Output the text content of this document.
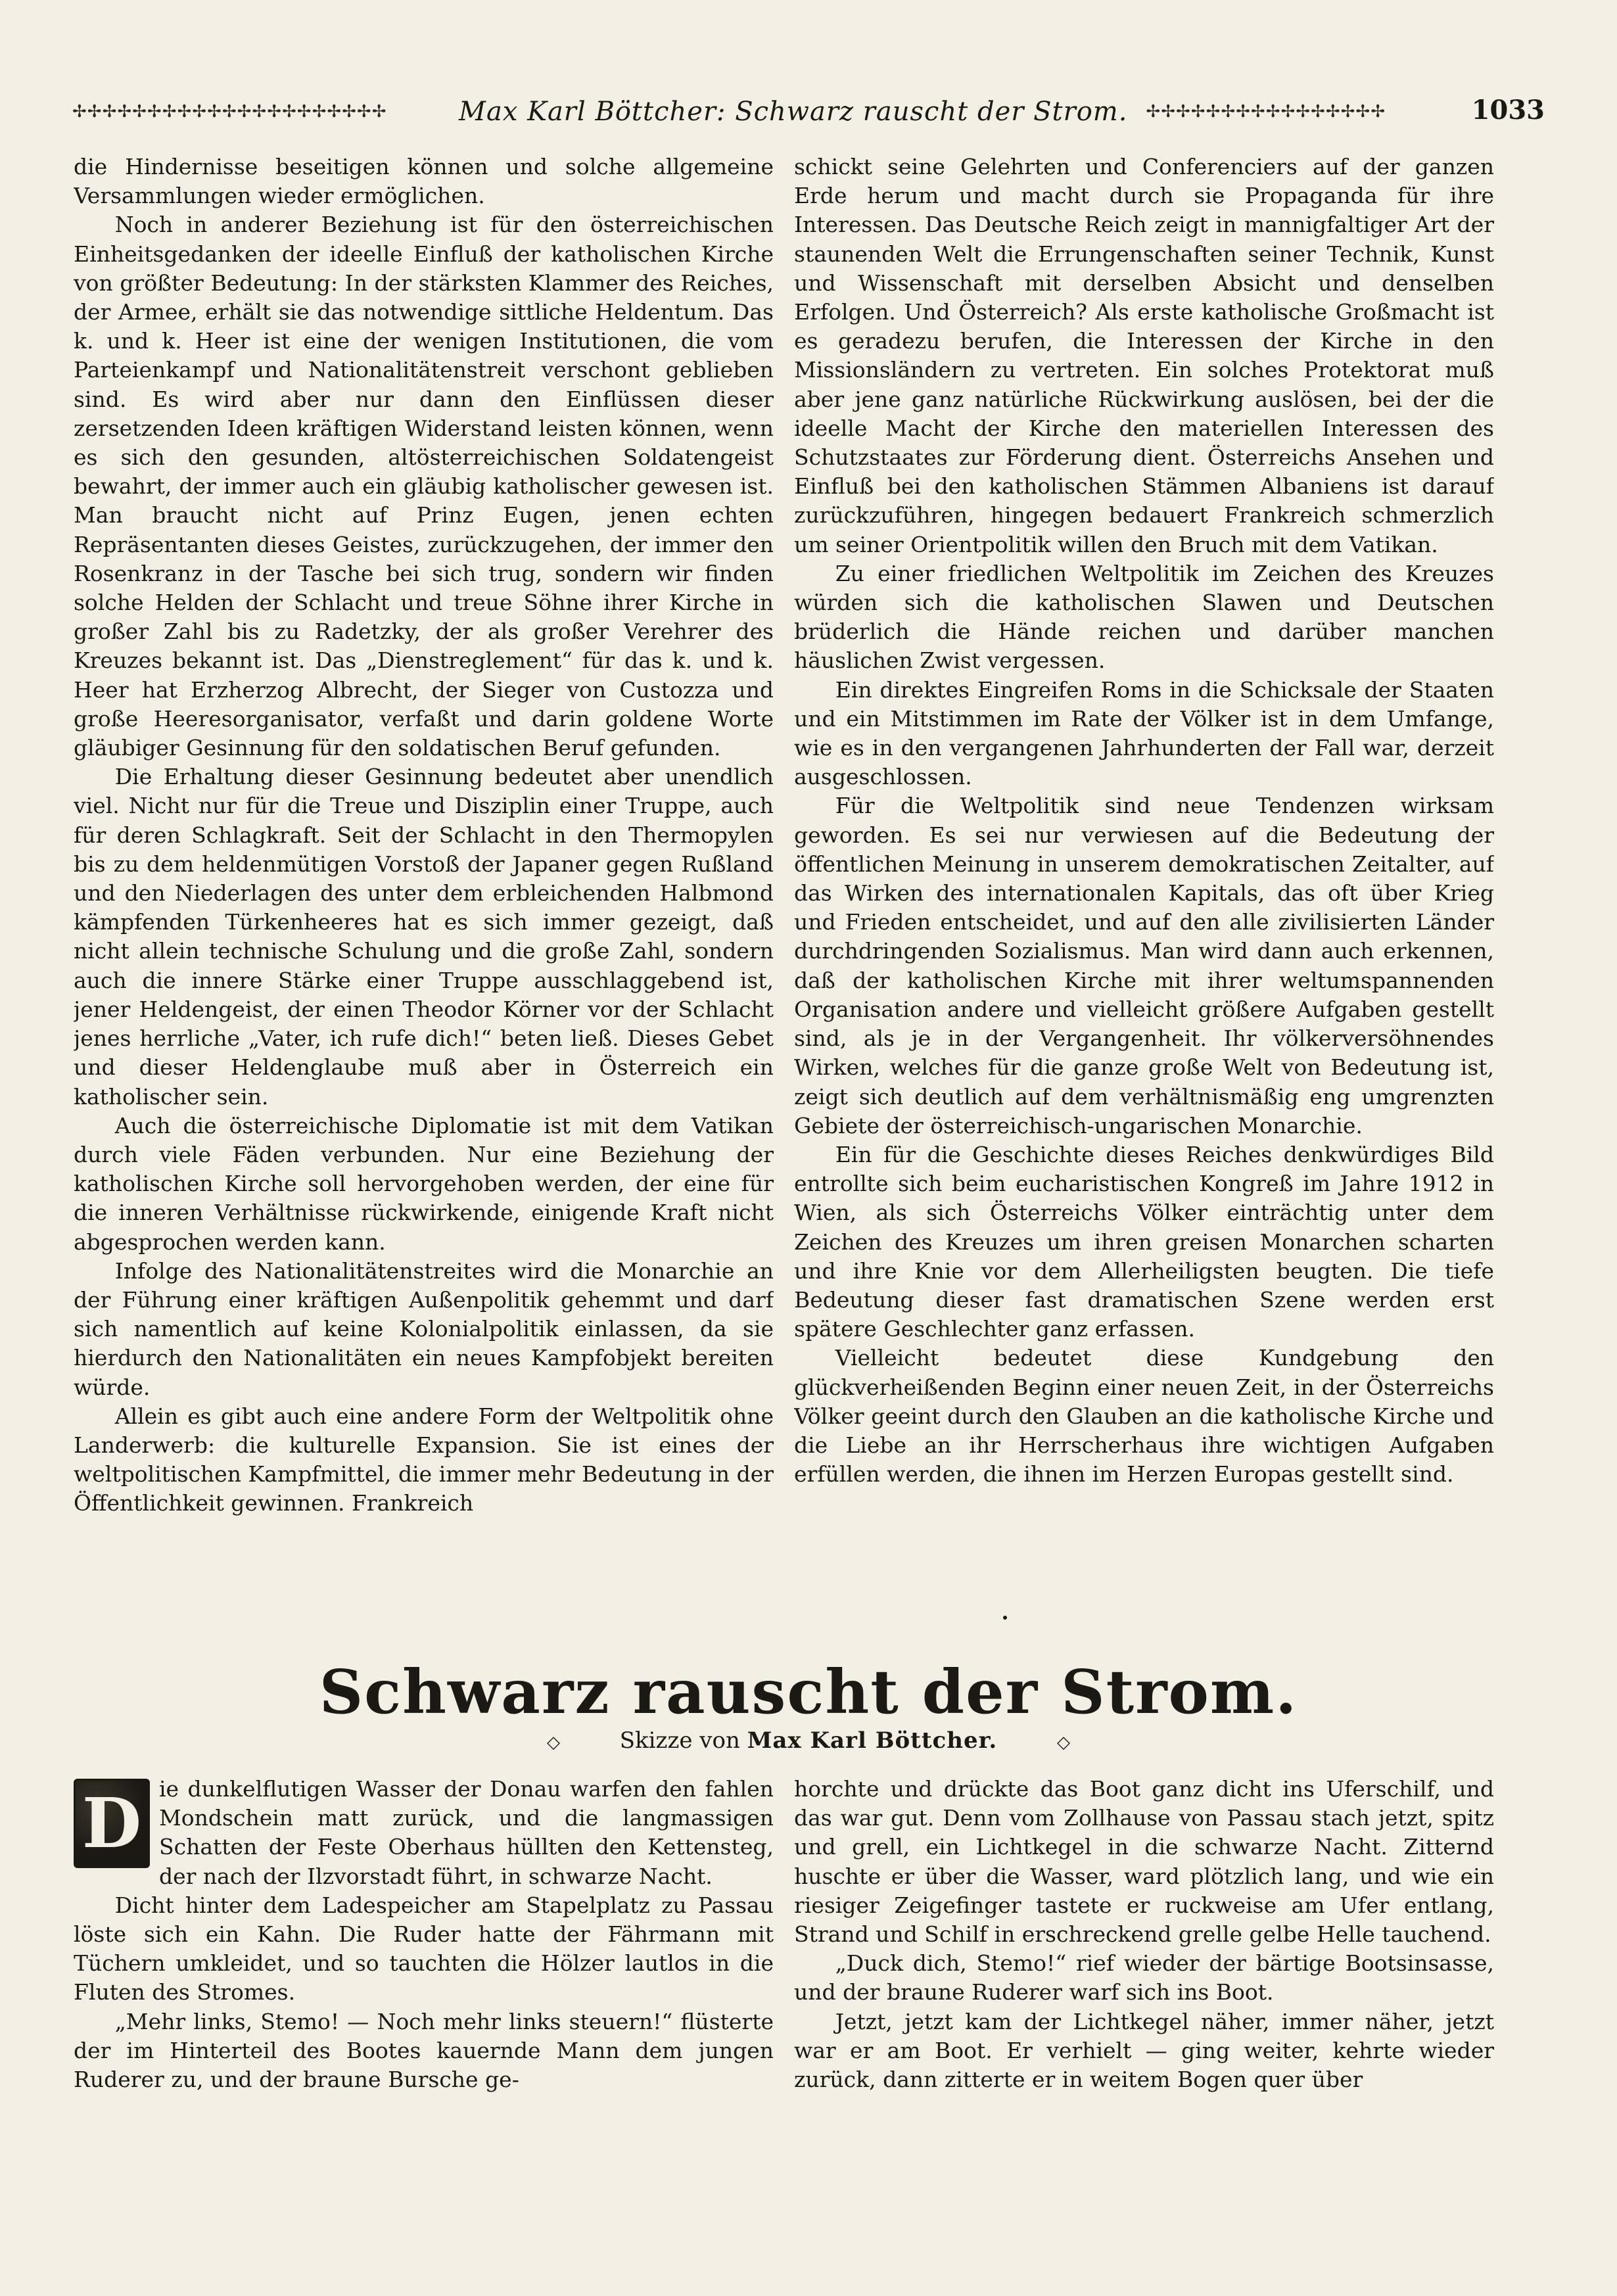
✢✢✢✢✢✢✢✢✢✢✢✢✢✢✢✢✢✢✢✢✢	Max Karl Böttcher: Schwarz rauscht der Strom. ✢✢✢✢✢✢✢✢✢✢✢✢✢✢✢✢	1033

die Hindernisse beseitigen können und solche allgemeine Versammlungen wieder ermöglichen.

Noch in anderer Beziehung ist für den österreichischen Einheitsgedanken der ideelle Einfluß der katholischen Kirche von größter Bedeutung: In der stärksten Klammer des Reiches, der Armee, erhält sie das notwendige sittliche Heldentum. Das k. und k. Heer ist eine der wenigen Institutionen, die vom Parteienkampf und Nationalitätenstreit verschont geblieben sind. Es wird aber nur dann den Einflüssen dieser zersetzenden Ideen kräftigen Widerstand leisten können, wenn es sich den gesunden, altösterreichischen Soldatengeist bewahrt, der immer auch ein gläubig katholischer gewesen ist. Man braucht nicht auf Prinz Eugen, jenen echten Repräsentanten dieses Geistes, zurückzugehen, der immer den Rosenkranz in der Tasche bei sich trug, sondern wir finden solche Helden der Schlacht und treue Söhne ihrer Kirche in großer Zahl bis zu Radetzky, der als großer Verehrer des Kreuzes bekannt ist. Das „Dienstreglement“ für das k. und k. Heer hat Erzherzog Albrecht, der Sieger von Custozza und große Heeresorganisator, verfaßt und darin goldene Worte gläubiger Gesinnung für den soldatischen Beruf gefunden.

Die Erhaltung dieser Gesinnung bedeutet aber unendlich viel. Nicht nur für die Treue und Disziplin einer Truppe, auch für deren Schlagkraft. Seit der Schlacht in den Thermopylen bis zu dem heldenmütigen Vorstoß der Japaner gegen Rußland und den Niederlagen des unter dem erbleichenden Halbmond kämpfenden Türkenheeres hat es sich immer gezeigt, daß nicht allein technische Schulung und die große Zahl, sondern auch die innere Stärke einer Truppe ausschlaggebend ist, jener Heldengeist, der einen Theodor Körner vor der Schlacht jenes herrliche „Vater, ich rufe dich!“ beten ließ. Dieses Gebet und dieser Heldenglaube muß aber in Österreich ein katholischer sein.

Auch die österreichische Diplomatie ist mit dem Vatikan durch viele Fäden verbunden. Nur eine Beziehung der katholischen Kirche soll hervorgehoben werden, der eine für die inneren Verhältnisse rückwirkende, einigende Kraft nicht abgesprochen werden kann.

Infolge des Nationalitätenstreites wird die Monarchie an der Führung einer kräftigen Außenpolitik gehemmt und darf sich namentlich auf keine Kolonialpolitik einlassen, da sie hierdurch den Nationalitäten ein neues Kampfobjekt bereiten würde.

Allein es gibt auch eine andere Form der Weltpolitik ohne Landerwerb: die kulturelle Expansion. Sie ist eines der weltpolitischen Kampfmittel, die immer mehr Bedeutung in der Öffentlichkeit gewinnen. Frankreich

schickt seine Gelehrten und Conferenciers auf der ganzen Erde herum und macht durch sie Propaganda für ihre Interessen. Das Deutsche Reich zeigt in mannigfaltiger Art der staunenden Welt die Errungenschaften seiner Technik, Kunst und Wissenschaft mit derselben Absicht und denselben Erfolgen. Und Österreich? Als erste katholische Großmacht ist es geradezu berufen, die Interessen der Kirche in den Missionsländern zu vertreten. Ein solches Protektorat muß aber jene ganz natürliche Rückwirkung auslösen, bei der die ideelle Macht der Kirche den materiellen Interessen des Schutzstaates zur Förderung dient. Österreichs Ansehen und Einfluß bei den katholischen Stämmen Albaniens ist darauf zurückzuführen, hingegen bedauert Frankreich schmerzlich um seiner Orientpolitik willen den Bruch mit dem Vatikan.

Zu einer friedlichen Weltpolitik im Zeichen des Kreuzes würden sich die katholischen Slawen und Deutschen brüderlich die Hände reichen und darüber manchen häuslichen Zwist vergessen.

Ein direktes Eingreifen Roms in die Schicksale der Staaten und ein Mitstimmen im Rate der Völker ist in dem Umfange, wie es in den vergangenen Jahrhunderten der Fall war, derzeit ausgeschlossen.

Für die Weltpolitik sind neue Tendenzen wirksam geworden. Es sei nur verwiesen auf die Bedeutung der öffentlichen Meinung in unserem demokratischen Zeitalter, auf das Wirken des internationalen Kapitals, das oft über Krieg und Frieden entscheidet, und auf den alle zivilisierten Länder durchdringenden Sozialismus. Man wird dann auch erkennen, daß der katholischen Kirche mit ihrer weltumspannenden Organisation andere und vielleicht größere Aufgaben gestellt sind, als je in der Vergangenheit. Ihr völkerversöhnendes Wirken, welches für die ganze große Welt von Bedeutung ist, zeigt sich deutlich auf dem verhältnismäßig eng umgrenzten Gebiete der österreichisch-ungarischen Monarchie.

Ein für die Geschichte dieses Reiches denkwürdiges Bild entrollte sich beim eucharistischen Kongreß im Jahre 1912 in Wien, als sich Österreichs Völker einträchtig unter dem Zeichen des Kreuzes um ihren greisen Monarchen scharten und ihre Knie vor dem Allerheiligsten beugten. Die tiefe Bedeutung dieser fast dramatischen Szene werden erst spätere Geschlechter ganz erfassen.

Vielleicht bedeutet diese Kundgebung den glückverheißenden Beginn einer neuen Zeit, in der Österreichs Völker geeint durch den Glauben an die katholische Kirche und die Liebe an ihr Herrscherhaus ihre wichtigen Aufgaben erfüllen werden, die ihnen im Herzen Europas gestellt sind.

Schwarz rauscht der Strom.
◇	Skizze von Max Karl Böttcher.	◇

D ie dunkelflutigen Wasser der Donau warfen den fahlen Mondschein matt zurück, und die langmassigen Schatten der Feste Oberhaus hüllten den Kettensteg, der nach der Ilzvorstadt führt, in schwarze Nacht.

Dicht hinter dem Ladespeicher am Stapelplatz zu Passau löste sich ein Kahn. Die Ruder hatte der Fährmann mit Tüchern umkleidet, und so tauchten die Hölzer lautlos in die Fluten des Stromes.

„Mehr links, Stemo! — Noch mehr links steuern!“ flüsterte der im Hinterteil des Bootes kauernde Mann dem jungen Ruderer zu, und der braune Bursche ge-

horchte und drückte das Boot ganz dicht ins Uferschilf, und das war gut. Denn vom Zollhause von Passau stach jetzt, spitz und grell, ein Lichtkegel in die schwarze Nacht. Zitternd huschte er über die Wasser, ward plötzlich lang, und wie ein riesiger Zeigefinger tastete er ruckweise am Ufer entlang, Strand und Schilf in erschreckend grelle gelbe Helle tauchend.

„Duck dich, Stemo!“ rief wieder der bärtige Bootsinsasse, und der braune Ruderer warf sich ins Boot.

Jetzt, jetzt kam der Lichtkegel näher, immer näher, jetzt war er am Boot. Er verhielt — ging weiter, kehrte wieder zurück, dann zitterte er in weitem Bogen quer über
